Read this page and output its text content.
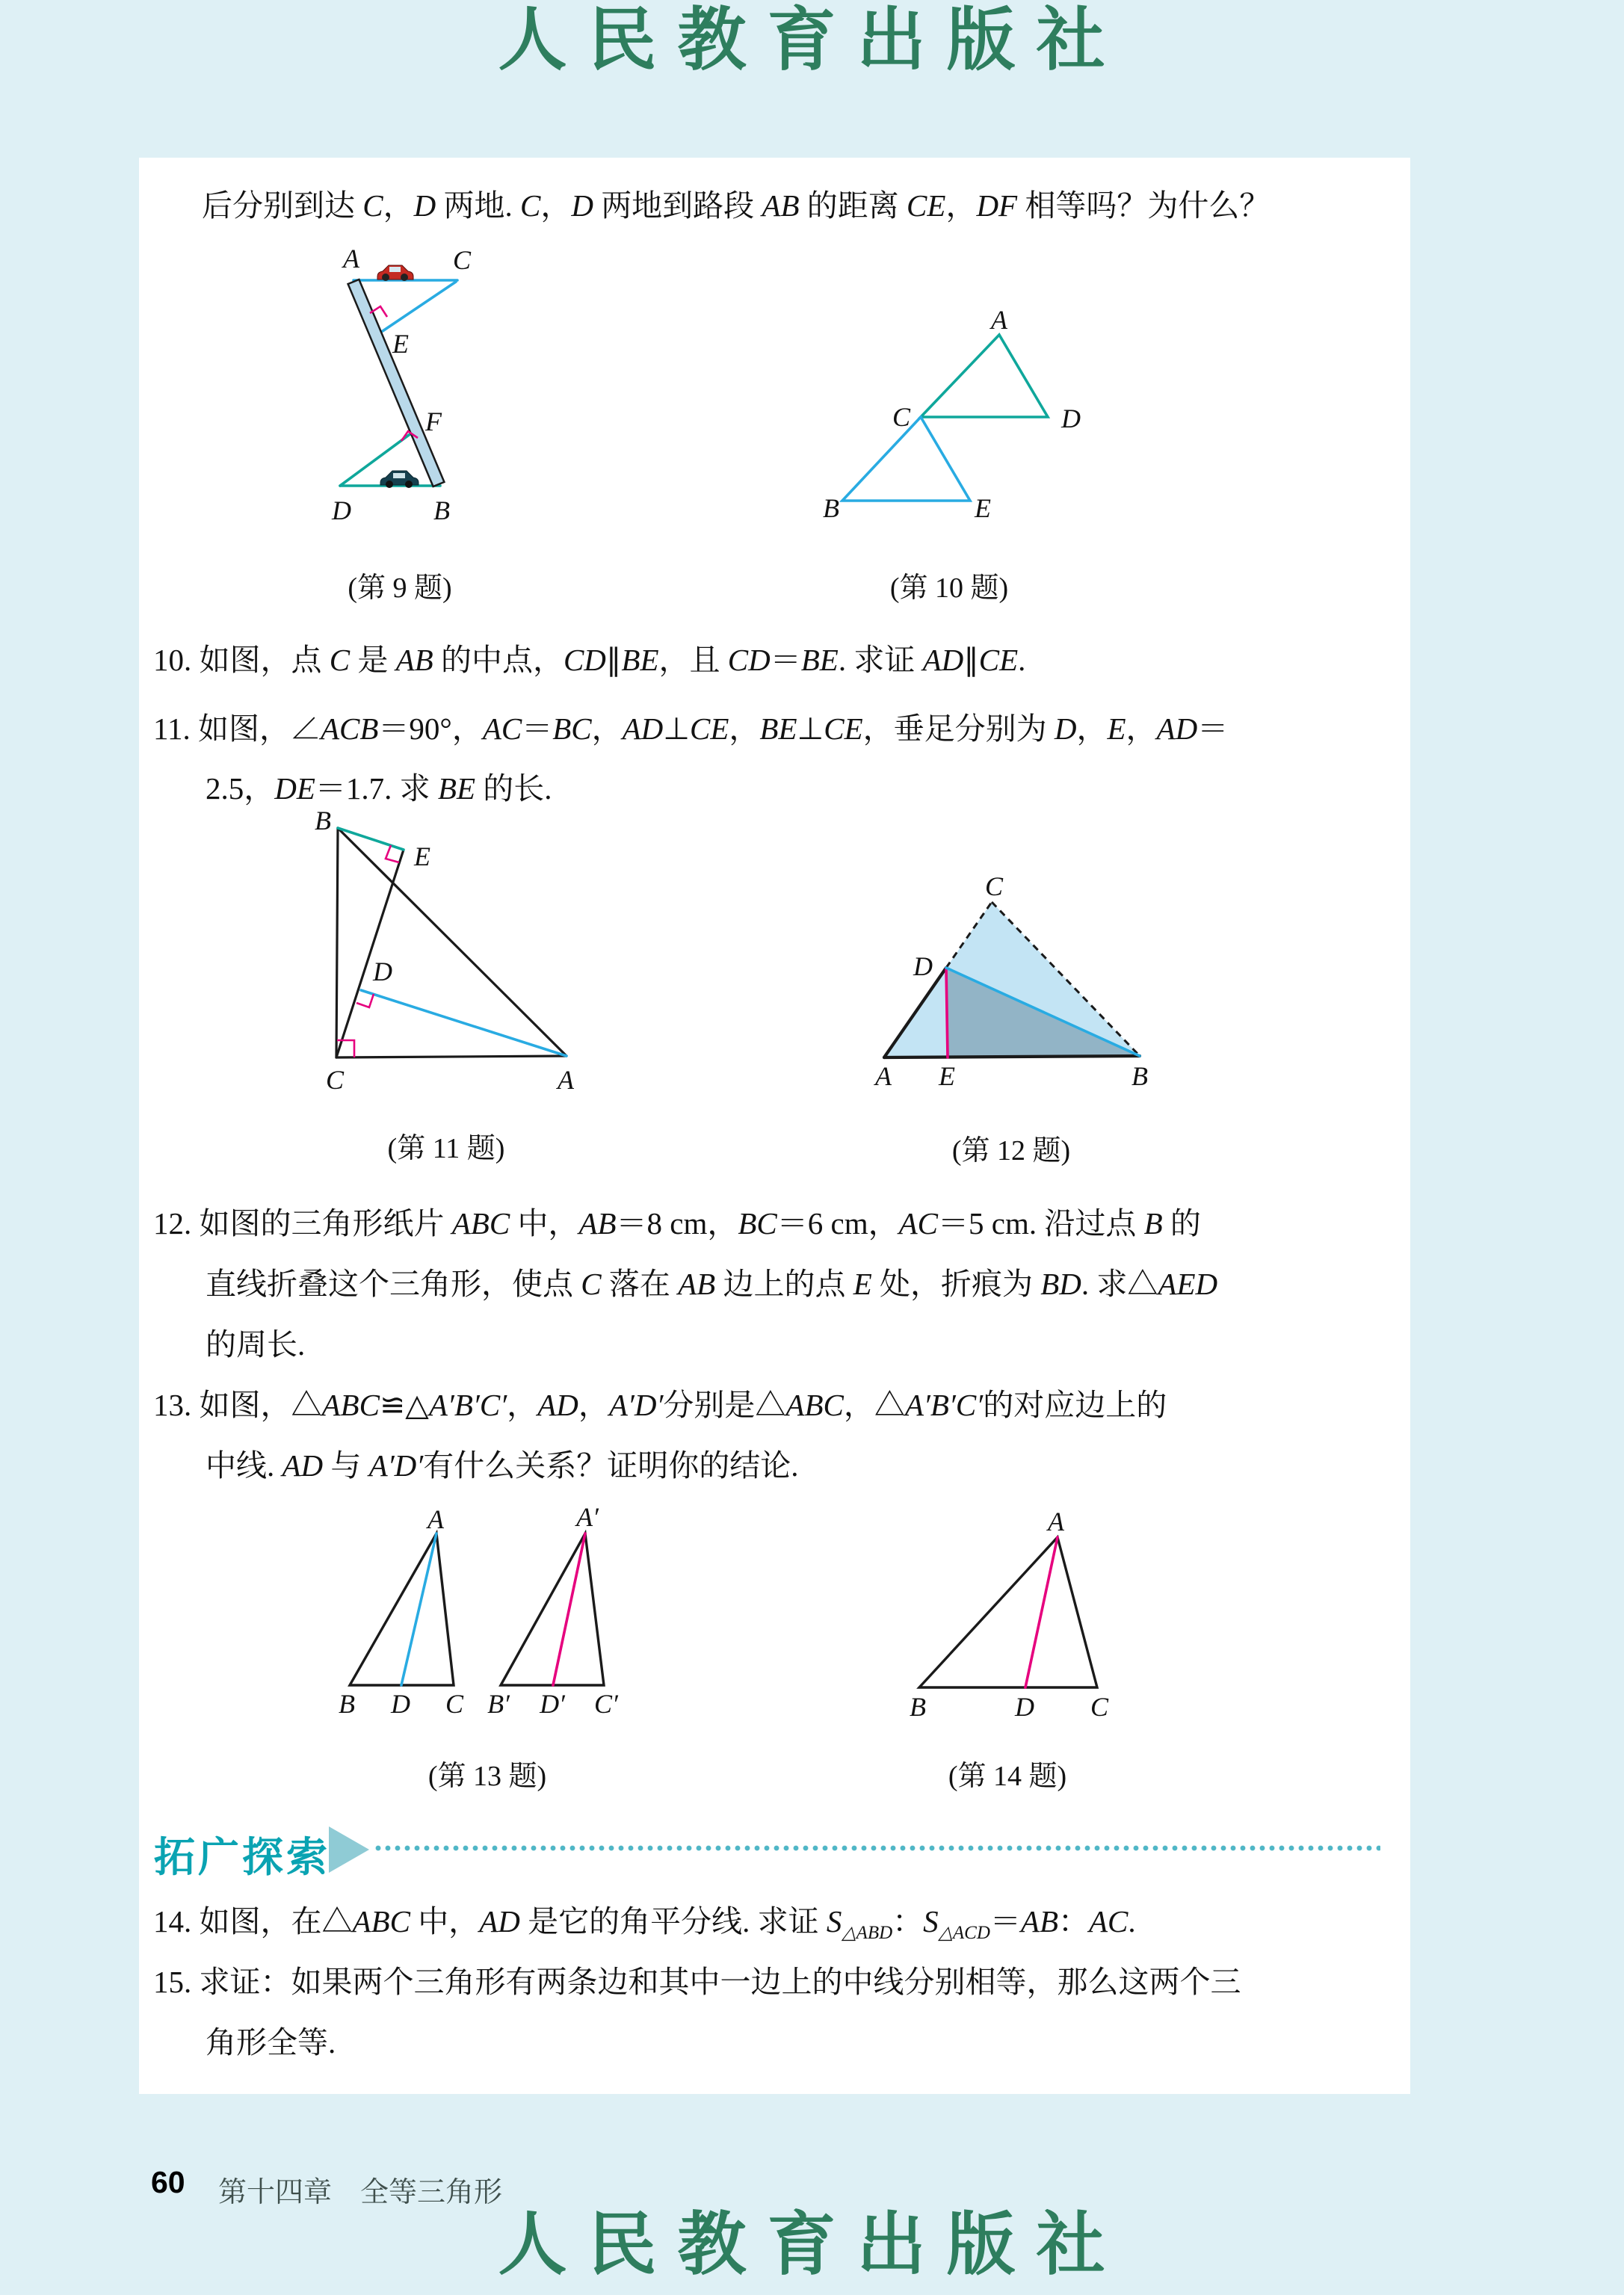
人民教育出版社
后分别到达 C，D 两地. C，D 两地到路段 AB 的距离 CE，DF 相等吗？为什么？
10. 如图，点 C 是 AB 的中点，CD∥BE，且 CD＝BE. 求证 AD∥CE.
11. 如图，∠ACB＝90°，AC＝BC，AD⊥CE，BE⊥CE，垂足分别为 D，E，AD＝
2.5，DE＝1.7. 求 BE 的长.
12. 如图的三角形纸片 ABC 中，AB＝8 cm，BC＝6 cm，AC＝5 cm. 沿过点 B 的
直线折叠这个三角形，使点 C 落在 AB 边上的点 E 处，折痕为 BD. 求△AED
的周长.
13. 如图，△ABC≌△A′B′C′，AD，A′D′分别是△ABC，△A′B′C′的对应边上的
中线. AD 与 A′D′有什么关系？证明你的结论.
14. 如图，在△ABC 中，AD 是它的角平分线. 求证 $S_{\triangle ABD}$：$S_{\triangle ACD}=AB$：AC.
15. 求证：如果两个三角形有两条边和其中一边上的中线分别相等，那么这两个三
角形全等.
A	C
E
F
D	B
(第 9 题)
A
C	D
B	E
(第 10 题)
B
E
D
C	A
(第 11 题)
C
D
A E	B
(第 12 题)
A
B D C
A′
B′ D′ C′
(第 13 题)
A
B	D C
(第 14 题)
拓广探索
60 第十四章　全等三角形
人民教育出版社
